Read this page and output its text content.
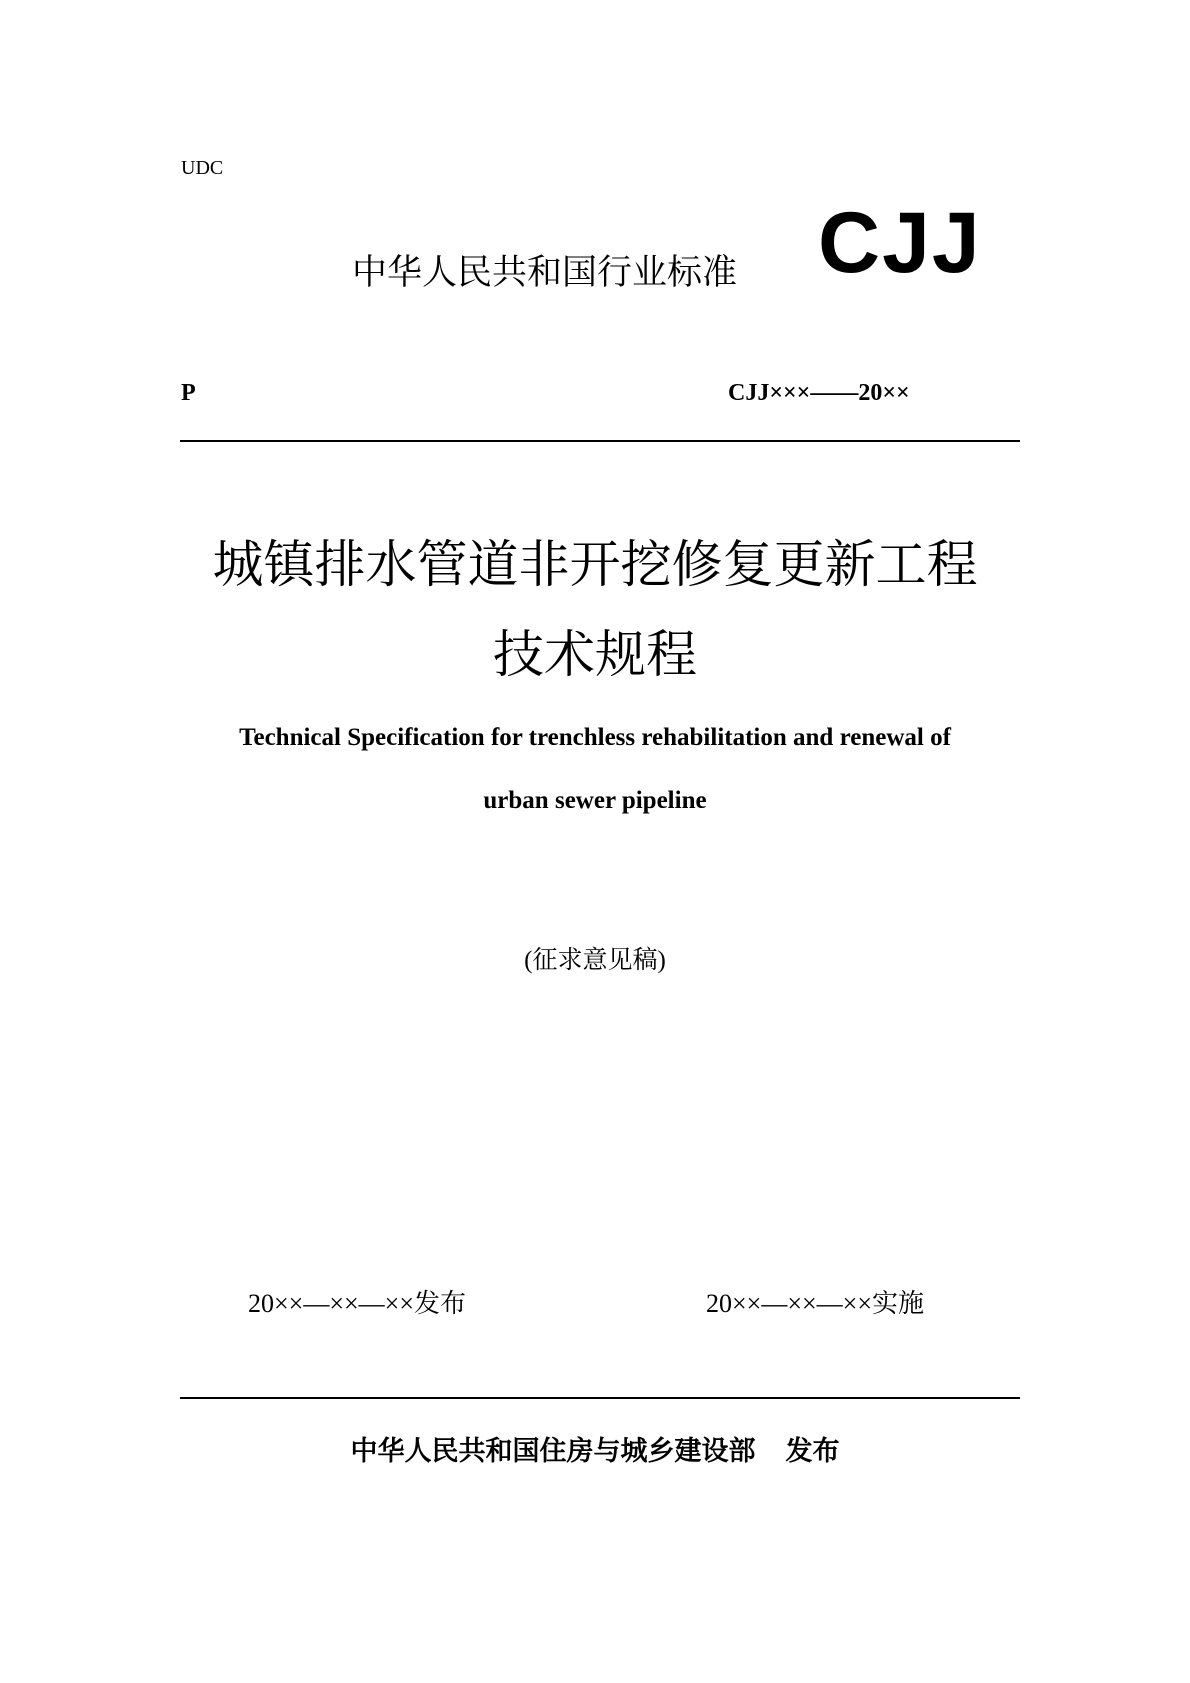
UDC
中华人民共和国行业标准 CJJ
P	CJJ×××——20××
城镇排水管道非开挖修复更新工程
技术规程
Technical Specification for trenchless rehabilitation and renewal of
urban sewer pipeline
(征求意见稿)
20××—××—××发布	20××—××—××实施
中华人民共和国住房与城乡建设部 发布
